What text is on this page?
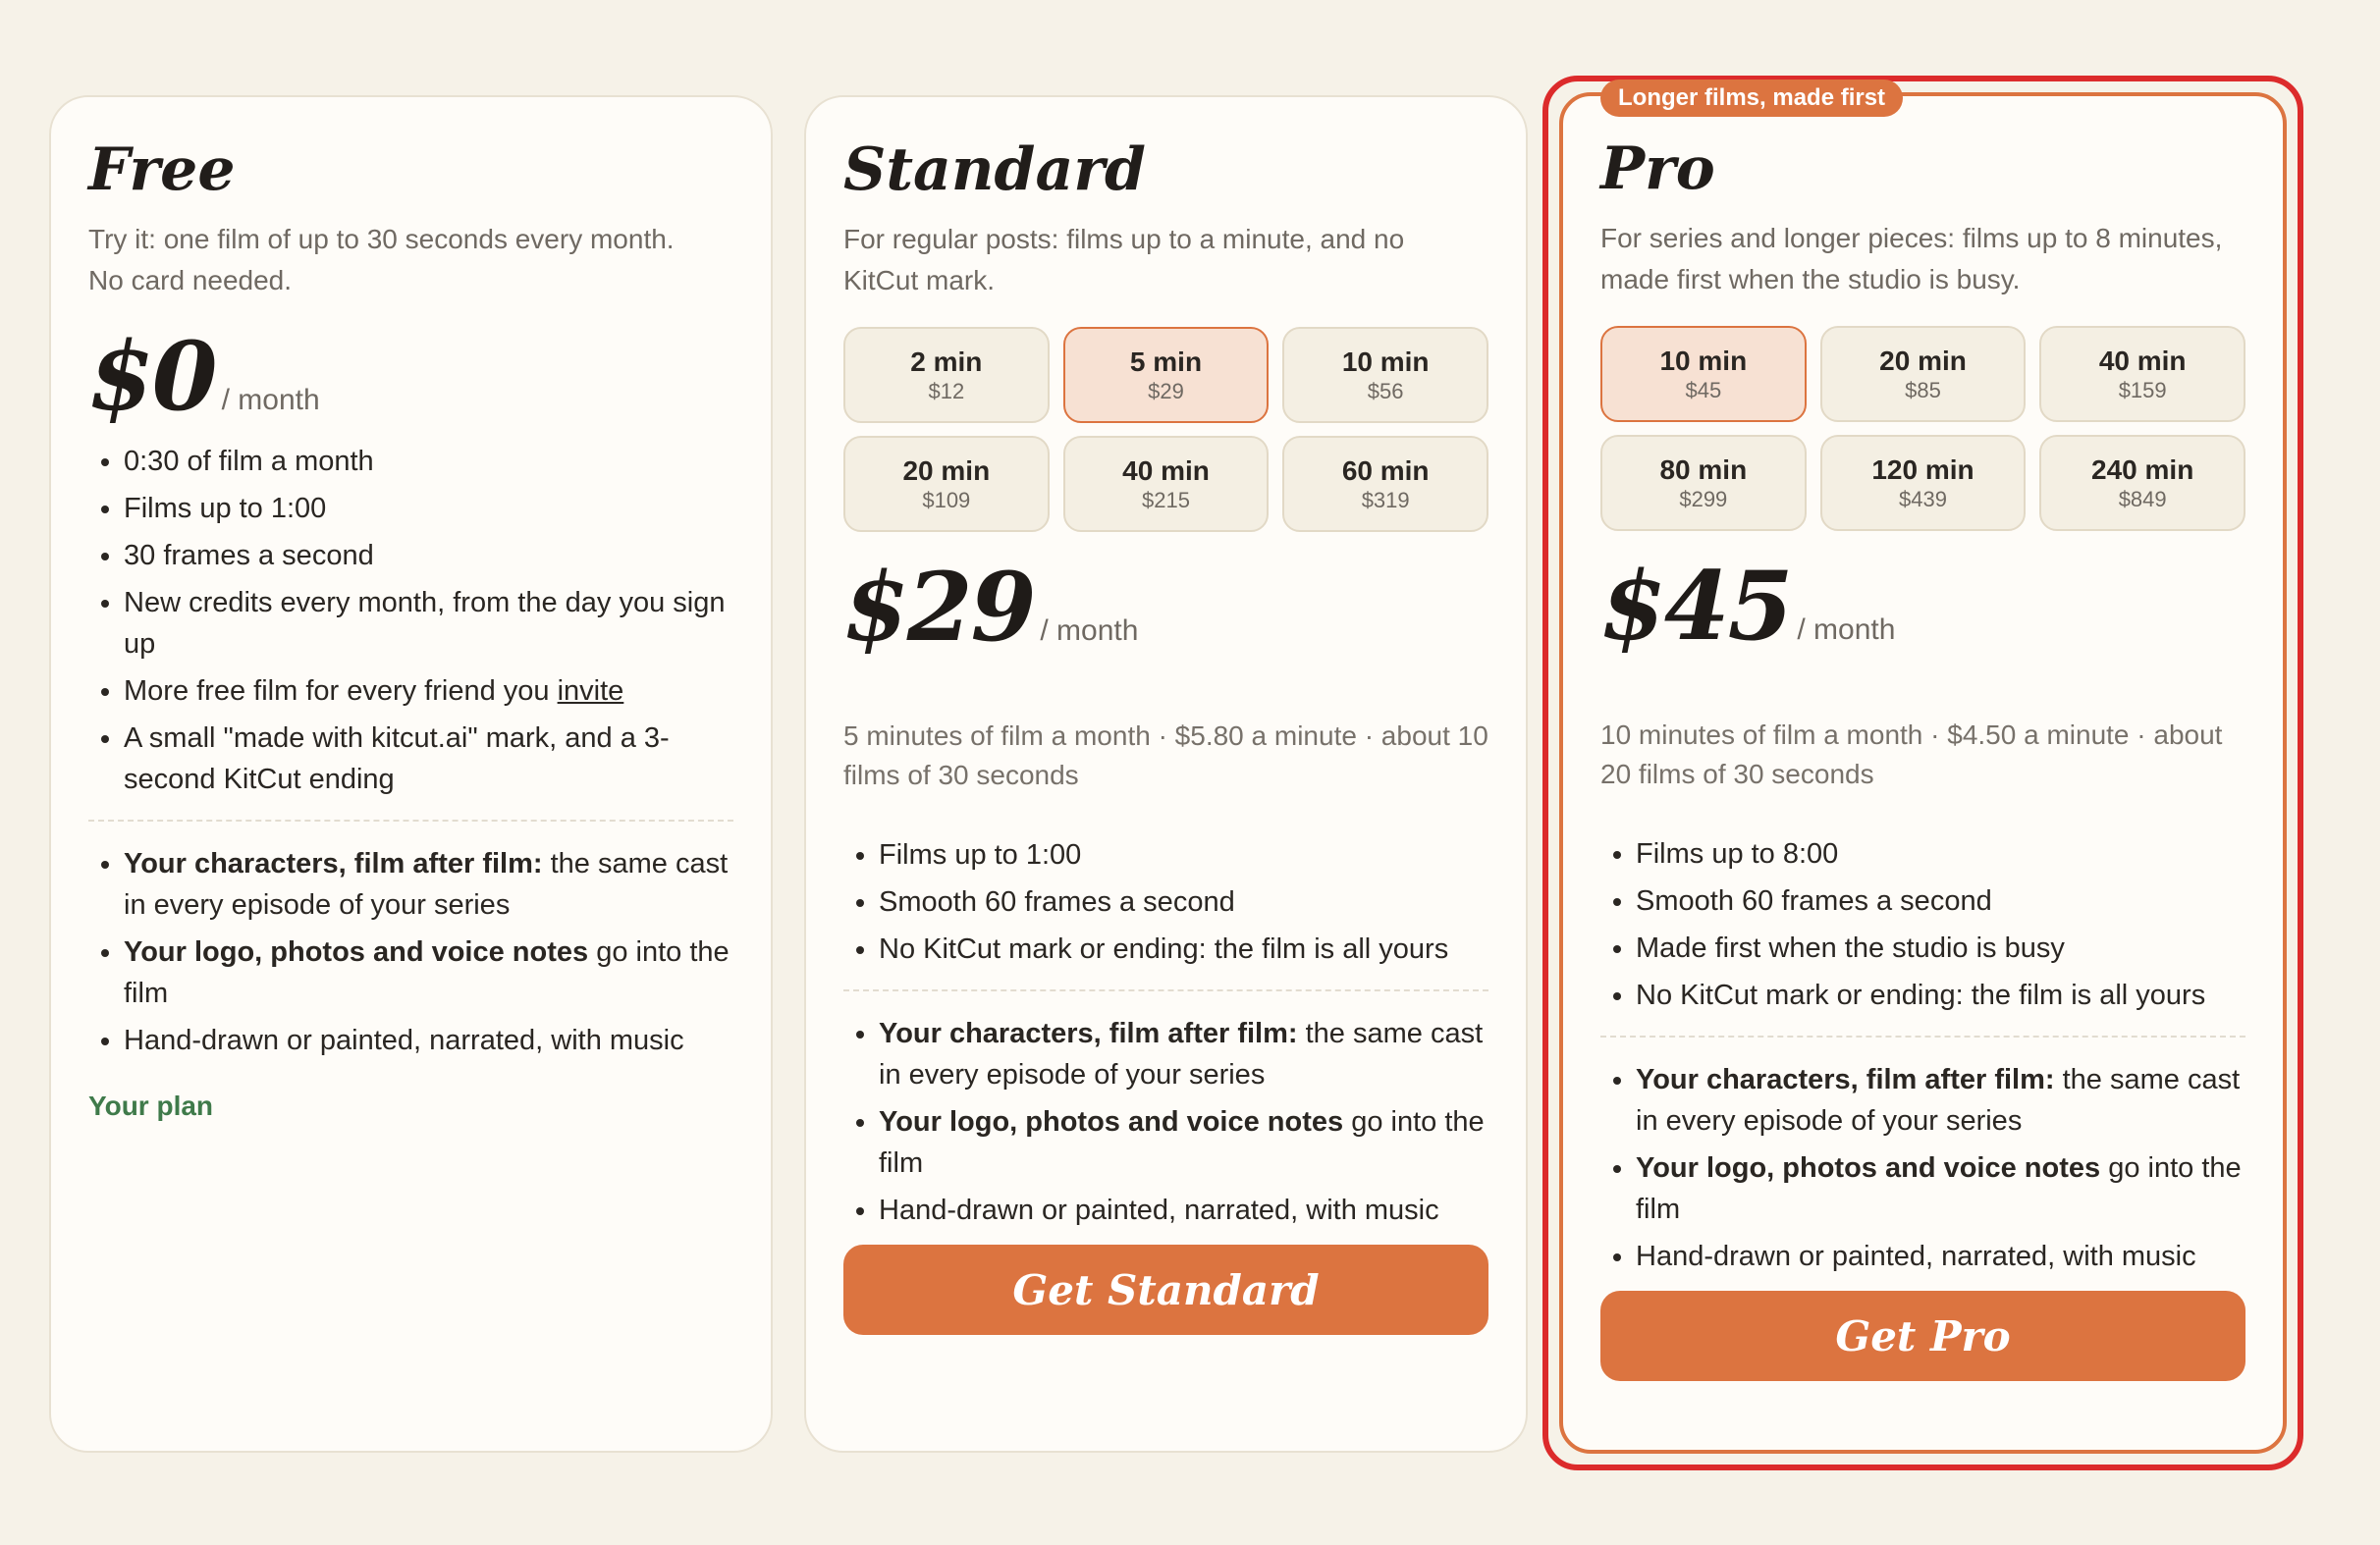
Free
Try it: one film of up to 30 seconds every month. No card needed.
$0 / month
• 0:30 of film a month
• Films up to 1:00
• 30 frames a second
• New credits every month, from the day you sign up
• More free film for every friend you invite
• A small "made with kitcut.ai" mark, and a 3-second KitCut ending
• Your characters, film after film: the same cast in every episode of your series
• Your logo, photos and voice notes go into the film
• Hand-drawn or painted, narrated, with music
Your plan
Standard
For regular posts: films up to a minute, and no KitCut mark.
2 min
$12
5 min
$29
10 min
$56
20 min
$109
40 min
$215
60 min
$319
$29 / month
5 minutes of film a month · $5.80 a minute · about 10 films of 30 seconds
• Films up to 1:00
• Smooth 60 frames a second
• No KitCut mark or ending: the film is all yours
• Your characters, film after film: the same cast in every episode of your series
• Your logo, photos and voice notes go into the film
• Hand-drawn or painted, narrated, with music
Get Standard
Longer films, made first
Pro
For series and longer pieces: films up to 8 minutes, made first when the studio is busy.
10 min
$45
20 min
$85
40 min
$159
80 min
$299
120 min
$439
240 min
$849
$45 / month
10 minutes of film a month · $4.50 a minute · about 20 films of 30 seconds
• Films up to 8:00
• Smooth 60 frames a second
• Made first when the studio is busy
• No KitCut mark or ending: the film is all yours
• Your characters, film after film: the same cast in every episode of your series
• Your logo, photos and voice notes go into the film
• Hand-drawn or painted, narrated, with music
Get Pro
